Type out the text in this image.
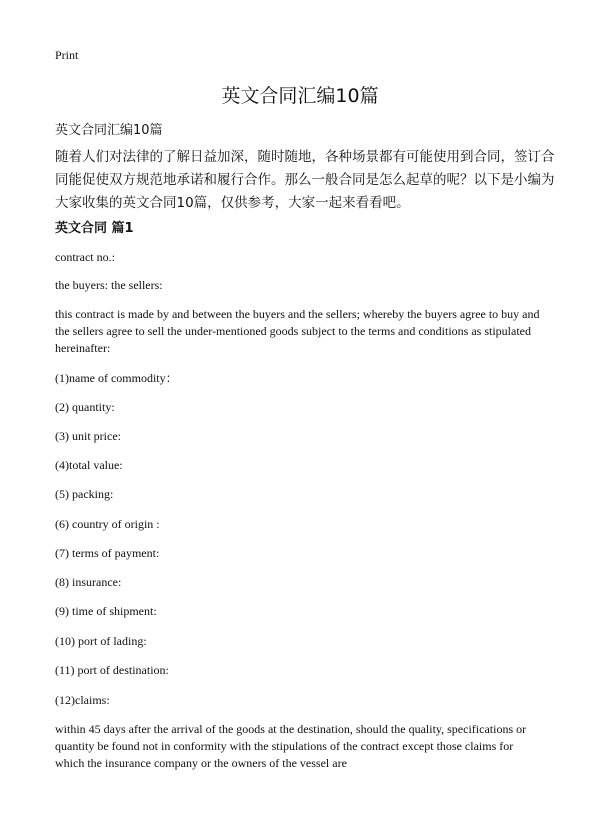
Print
英文合同汇编10篇
英文合同汇编10篇
随着人们对法律的了解日益加深，随时随地，各种场景都有可能使用到合同，签订合同能促使双方规范地承诺和履行合作。那么一般合同是怎么起草的呢？以下是小编为大家收集的英文合同10篇，仅供参考，大家一起来看看吧。
英文合同 篇1
contract no.:
the buyers: the sellers:
this contract is made by and between the buyers and the sellers; whereby the buyers agree to buy and the sellers agree to sell the under-mentioned goods subject to the terms and conditions as stipulated hereinafter:
(1)name of commodity：
(2) quantity:
(3) unit price:
(4)total value:
(5) packing:
(6) country of origin :
(7) terms of payment:
(8) insurance:
(9) time of shipment:
(10) port of lading:
(11) port of destination:
(12)claims:
within 45 days after the arrival of the goods at the destination, should the quality, specifications or quantity be found not in conformity with the stipulations of the contract except those claims for which the insurance company or the owners of the vessel are
